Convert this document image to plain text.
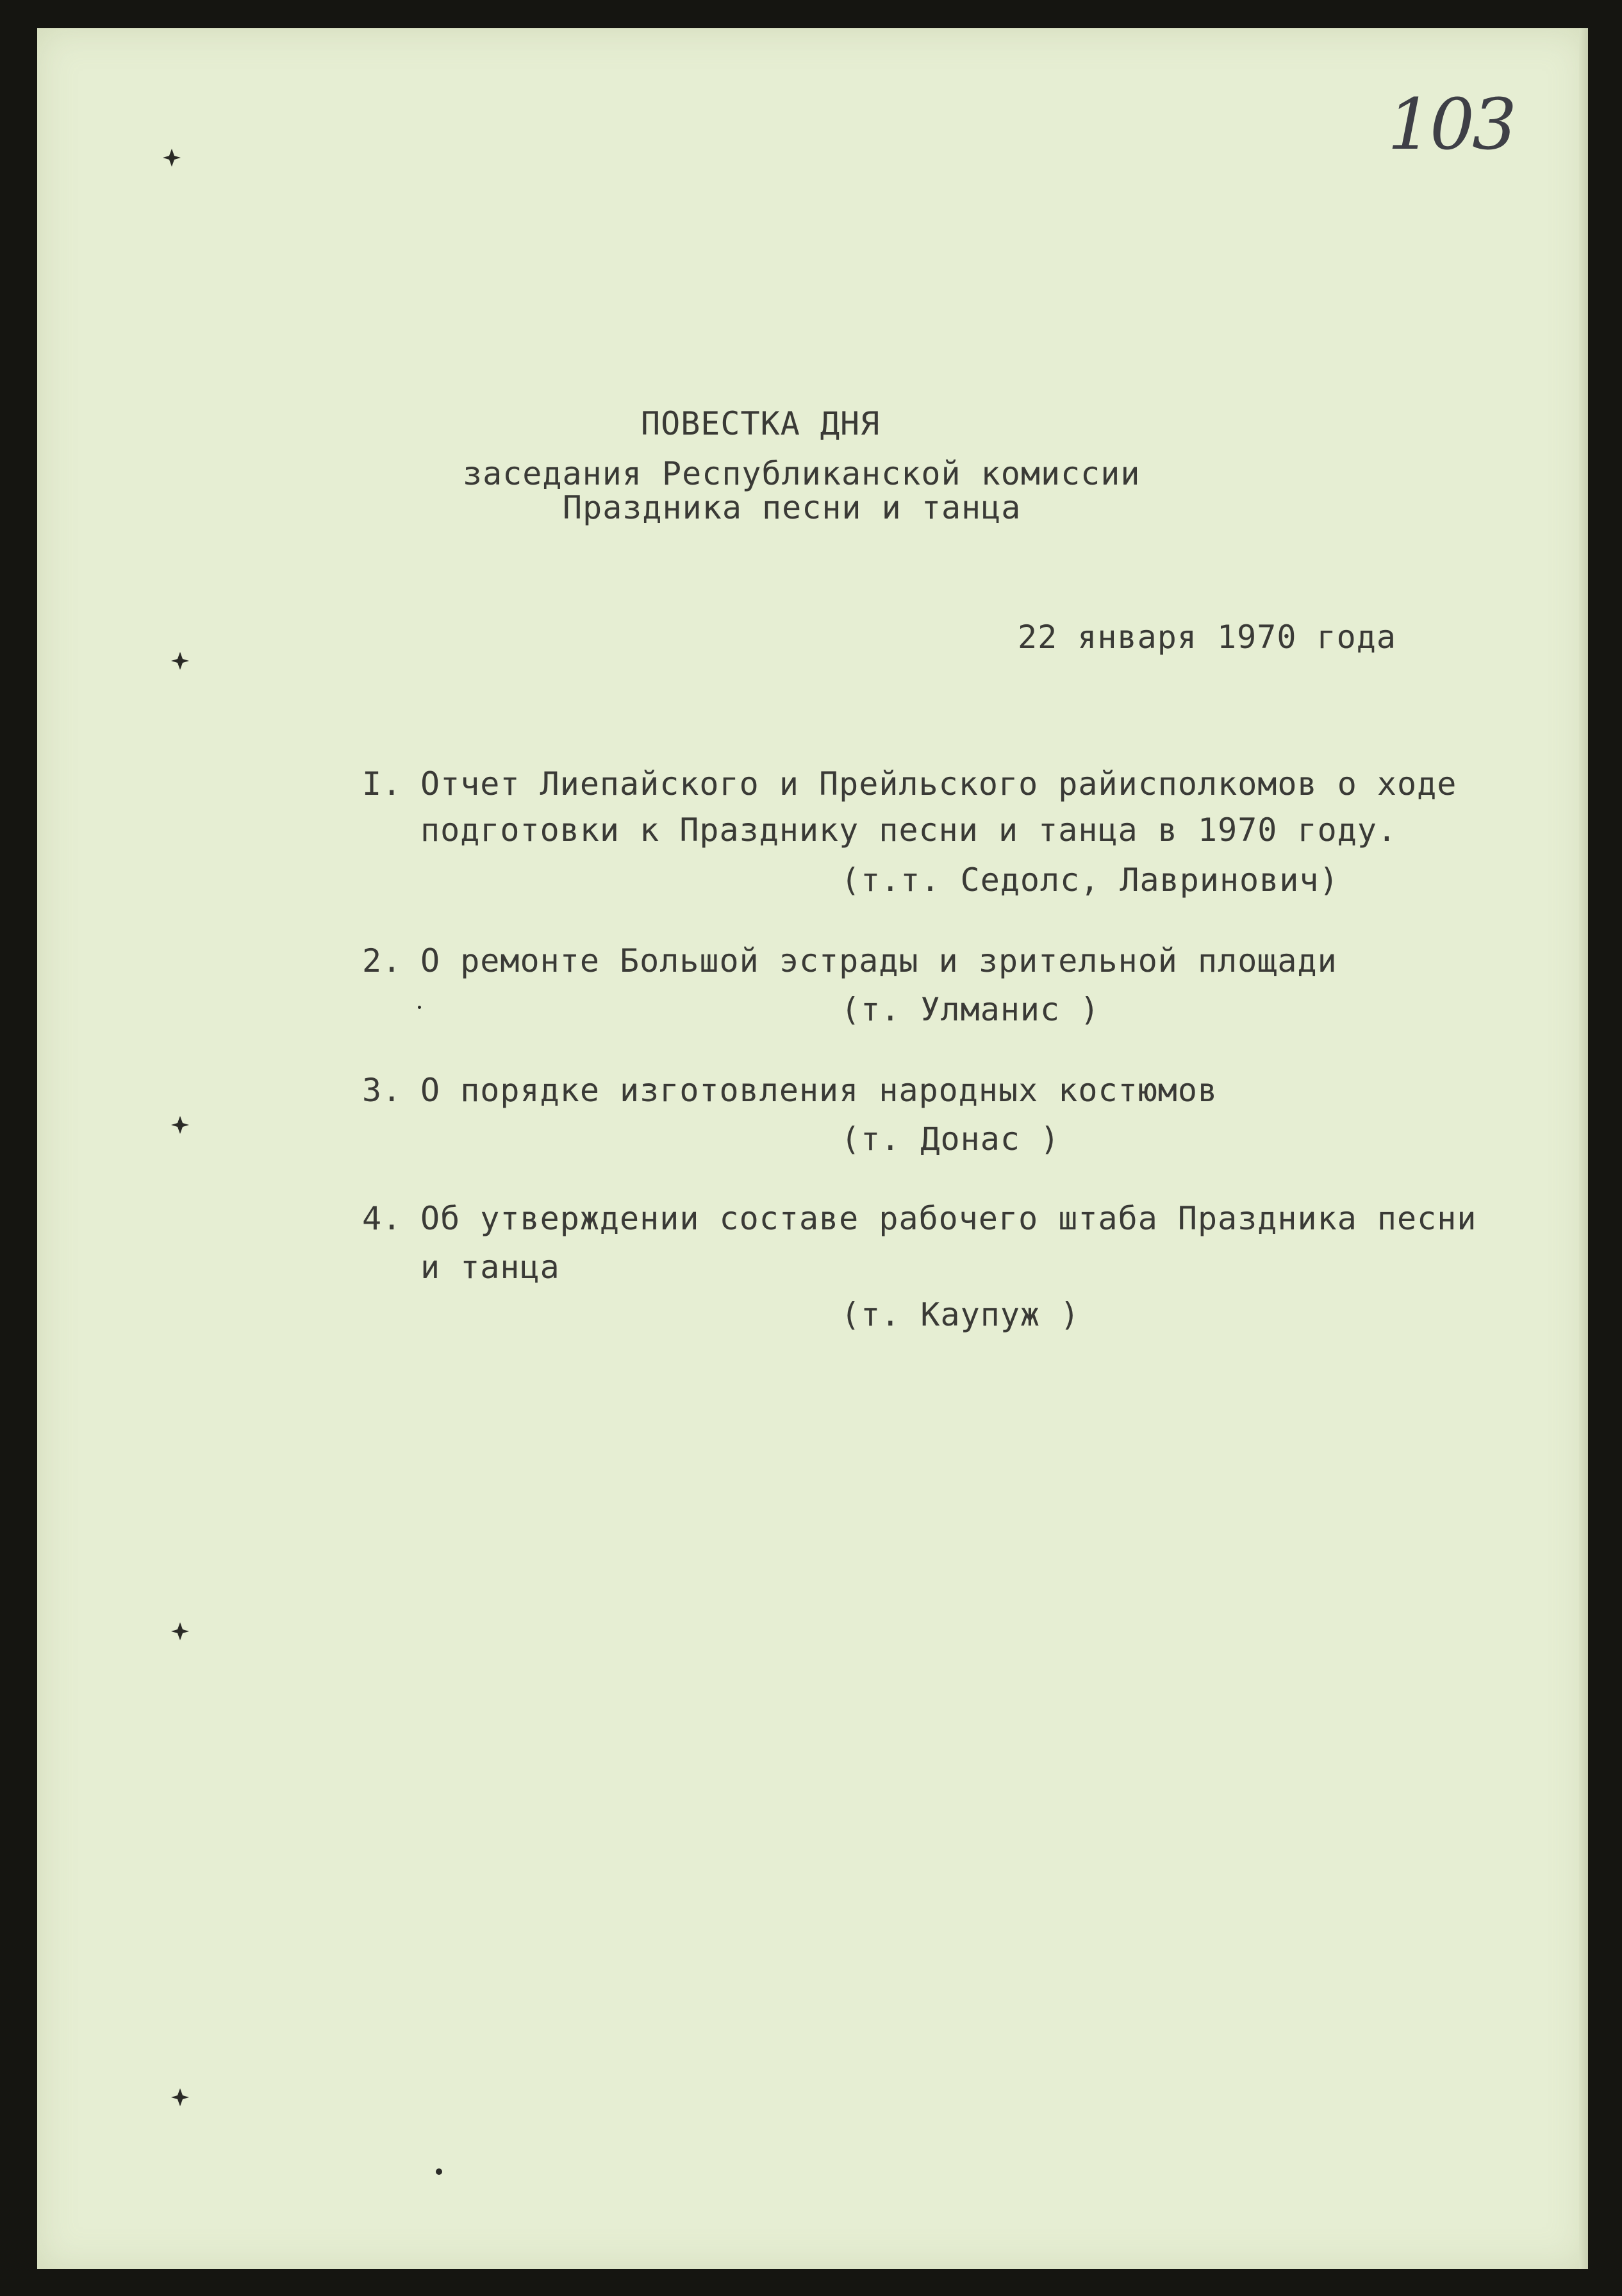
103
ПОВЕСТКА ДНЯ
заседания Республиканской комиссии
Праздника песни и танца
22 января 1970 года
I. Отчет Лиепайского и Прейльского райисполкомов о ходе
подготовки к Празднику песни и танца в 1970 году.
(т.т. Седолс, Лавринович)
2. О ремонте Большой эстрады и зрительной площади
(т. Улманис )
3. О порядке изготовления народных костюмов
(т. Донас )
4. Об утверждении составе рабочего штаба Праздника песни
и танца
(т. Каупуж )
